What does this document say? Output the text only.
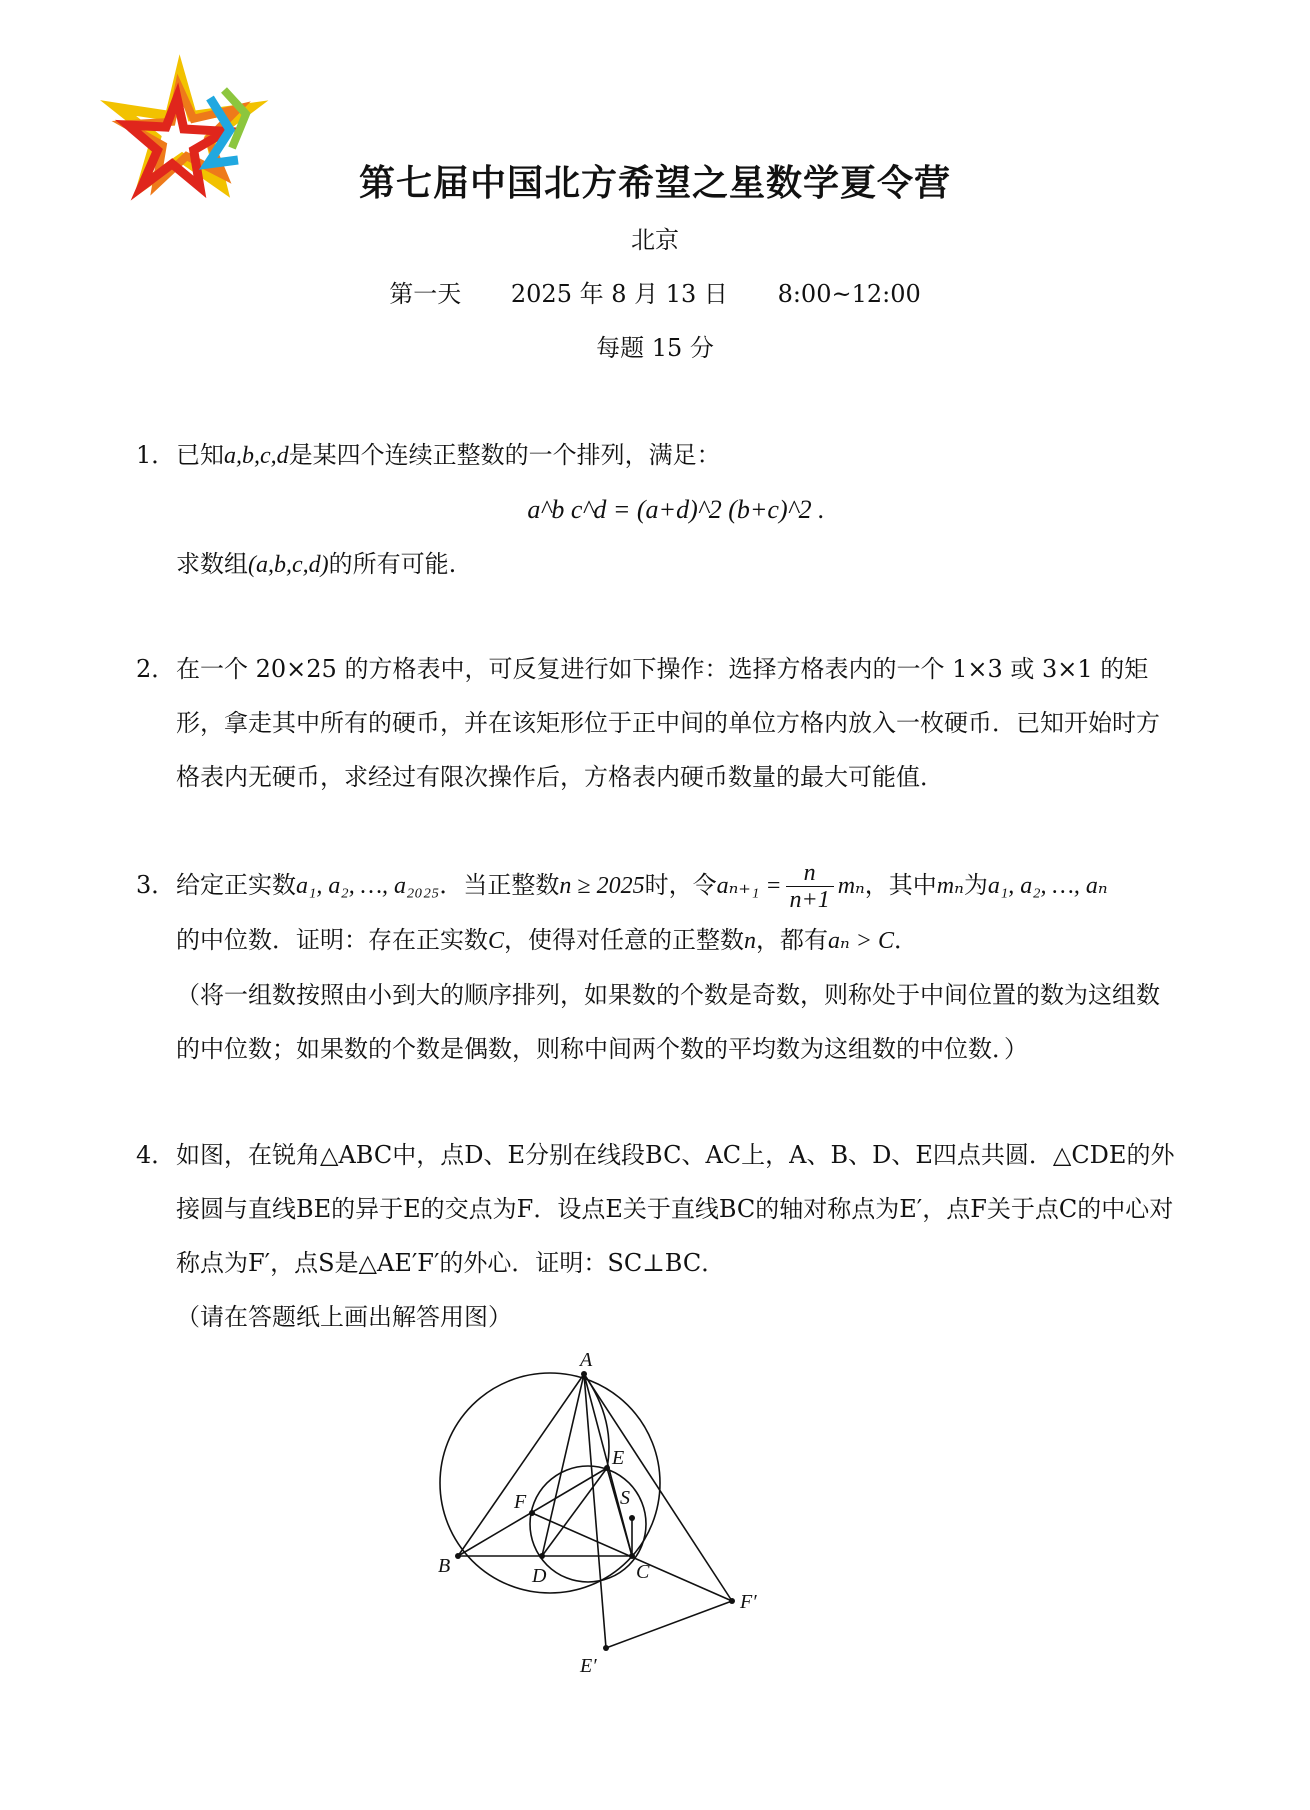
第七届中国北方希望之星数学夏令营
北京
第一天 2025 年 8 月 13 日 8:00~12:00
每题 15 分
1． 已知a,b,c,d是某四个连续正整数的一个排列，满足：
a^b c^d = (a+d)^2 (b+c)^2 .
求数组(a,b,c,d)的所有可能.
2． 在一个 20×25 的方格表中，可反复进行如下操作：选择方格表内的一个 1×3 或 3×1 的矩形，拿走其中所有的硬币，并在该矩形位于正中间的单位方格内放入一枚硬币．已知开始时方格表内无硬币，求经过有限次操作后，方格表内硬币数量的最大可能值．
3． 给定正实数a₁, a₂, …, a₂₀₂₅．当正整数n ≥ 2025时，令$a_{n+1} = \frac{n}{n+1}$ mₙ，其中mₙ为a₁, a₂, …, aₙ
的中位数．证明：存在正实数C，使得对任意的正整数n，都有aₙ > C．
（将一组数按照由小到大的顺序排列，如果数的个数是奇数，则称处于中间位置的数为这组数的中位数；如果数的个数是偶数，则称中间两个数的平均数为这组数的中位数．）
4． 如图，在锐角△ABC中，点D、E分别在线段BC、AC上，A、B、D、E四点共圆．△CDE的外接圆与直线BE的异于E的交点为F．设点E关于直线BC的轴对称点为E′，点F关于点C的中心对称点为F′，点S是△AE′F′的外心．证明：SC⊥BC．
（请在答题纸上画出解答用图）
A
B	C
D
E
F	S
E′
F′
